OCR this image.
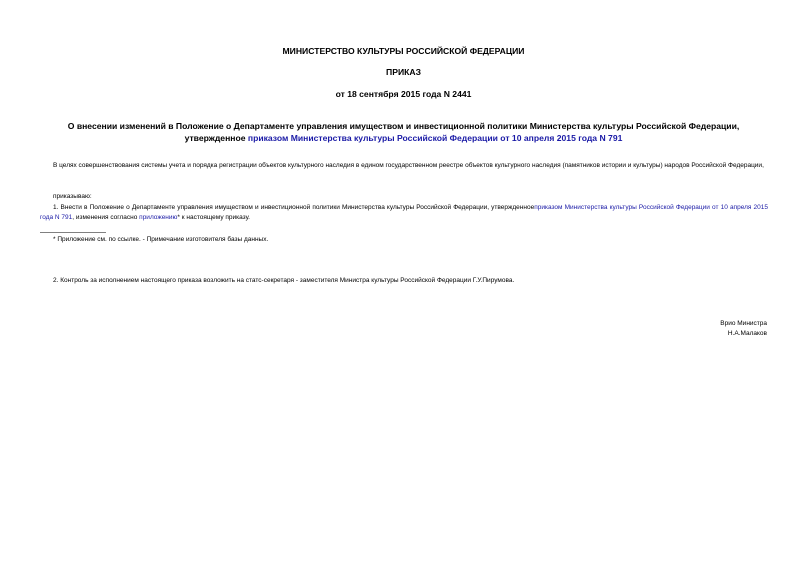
МИНИСТЕРСТВО КУЛЬТУРЫ РОССИЙСКОЙ ФЕДЕРАЦИИ
ПРИКАЗ
от 18 сентября 2015 года N 2441
О внесении изменений в Положение о Департаменте управления имуществом и инвестиционной политики Министерства культуры Российской Федерации, утвержденное приказом Министерства культуры Российской Федерации от 10 апреля 2015 года N 791
В целях совершенствования системы учета и порядка регистрации объектов культурного наследия в едином государственном реестре объектов культурного наследия (памятников истории и культуры) народов Российской Федерации,
приказываю:
1. Внести в Положение о Департаменте управления имуществом и инвестиционной политики Министерства культуры Российской Федерации, утвержденноеприказом Министерства культуры Российской Федерации от 10 апреля 2015 года N 791, изменения согласно приложению* к настоящему приказу.
* Приложение см. по ссылке. - Примечание изготовителя базы данных.
2. Контроль за исполнением настоящего приказа возложить на статс-секретаря - заместителя Министра культуры Российской Федерации Г.У.Пирумова.
Врио Министра
Н.А.Малаков
